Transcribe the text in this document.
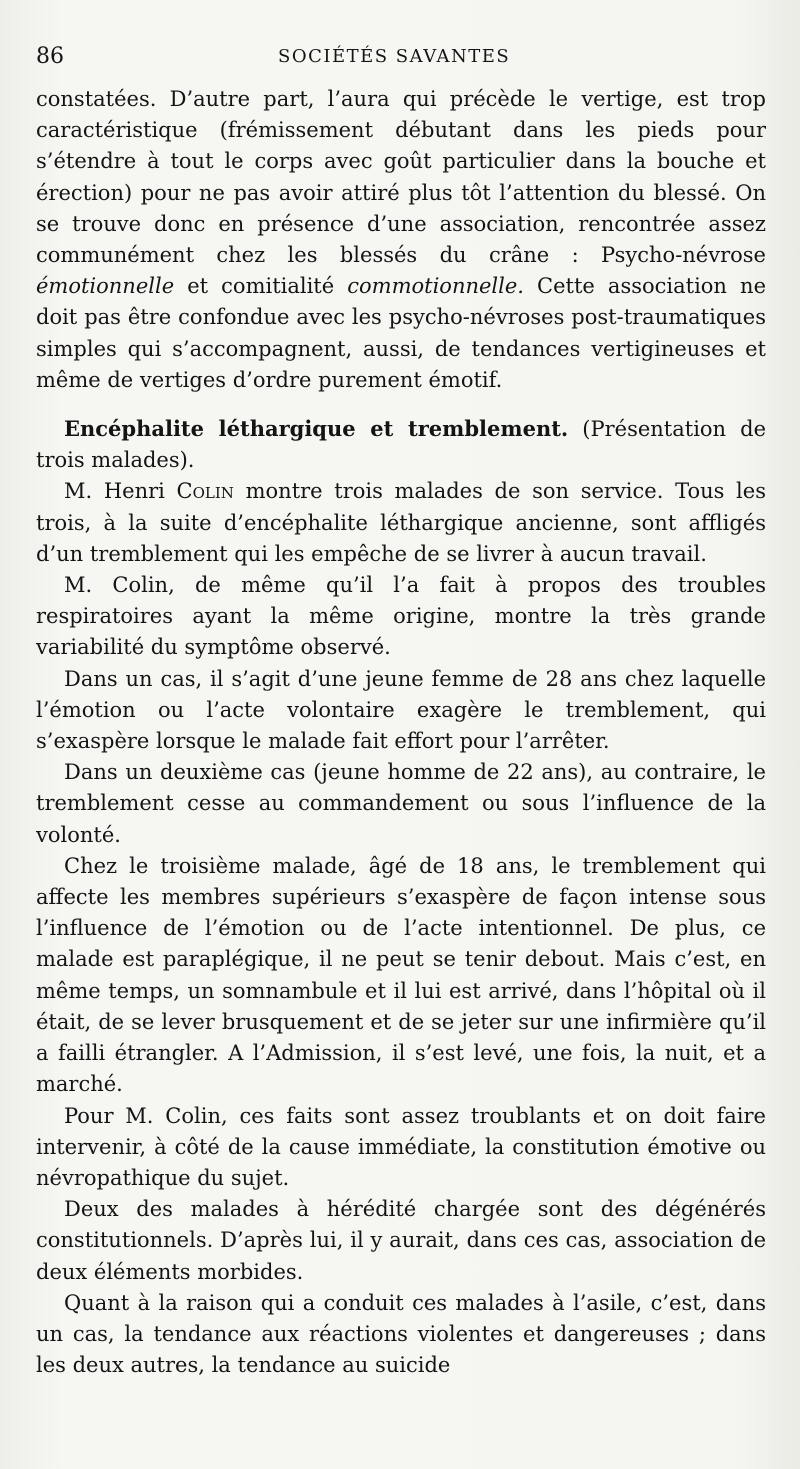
86	SOCIÉTÉS SAVANTES

constatées. D’autre part, l’aura qui précède le vertige, est trop caractéristique (frémissement débutant dans les pieds pour s’étendre à tout le corps avec goût particulier dans la bouche et érection) pour ne pas avoir attiré plus tôt l’attention du blessé. On se trouve donc en présence d’une association, rencontrée assez communément chez les blessés du crâne : Psycho-névrose émotionnelle et comitialité commotionnelle. Cette association ne doit pas être confondue avec les psycho-névroses post-traumatiques simples qui s’accompagnent, aussi, de tendances vertigineuses et même de vertiges d’ordre purement émotif.

Encéphalite léthargique et tremblement. (Présentation de trois malades).

M. Henri Colin montre trois malades de son service. Tous les trois, à la suite d’encéphalite léthargique ancienne, sont affligés d’un tremblement qui les empêche de se livrer à aucun travail.

M. Colin, de même qu’il l’a fait à propos des troubles respiratoires ayant la même origine, montre la très grande variabilité du symptôme observé.

Dans un cas, il s’agit d’une jeune femme de 28 ans chez laquelle l’émotion ou l’acte volontaire exagère le tremblement, qui s’exaspère lorsque le malade fait effort pour l’arrêter.

Dans un deuxième cas (jeune homme de 22 ans), au contraire, le tremblement cesse au commandement ou sous l’influence de la volonté.

Chez le troisième malade, âgé de 18 ans, le tremblement qui affecte les membres supérieurs s’exaspère de façon intense sous l’influence de l’émotion ou de l’acte intentionnel. De plus, ce malade est paraplégique, il ne peut se tenir debout. Mais c’est, en même temps, un somnambule et il lui est arrivé, dans l’hôpital où il était, de se lever brusquement et de se jeter sur une infirmière qu’il a failli étrangler. A l’Admission, il s’est levé, une fois, la nuit, et a marché.

Pour M. Colin, ces faits sont assez troublants et on doit faire intervenir, à côté de la cause immédiate, la constitution émotive ou névropathique du sujet.

Deux des malades à hérédité chargée sont des dégénérés constitutionnels. D’après lui, il y aurait, dans ces cas, association de deux éléments morbides.

Quant à la raison qui a conduit ces malades à l’asile, c’est, dans un cas, la tendance aux réactions violentes et dangereuses ; dans les deux autres, la tendance au suicide
